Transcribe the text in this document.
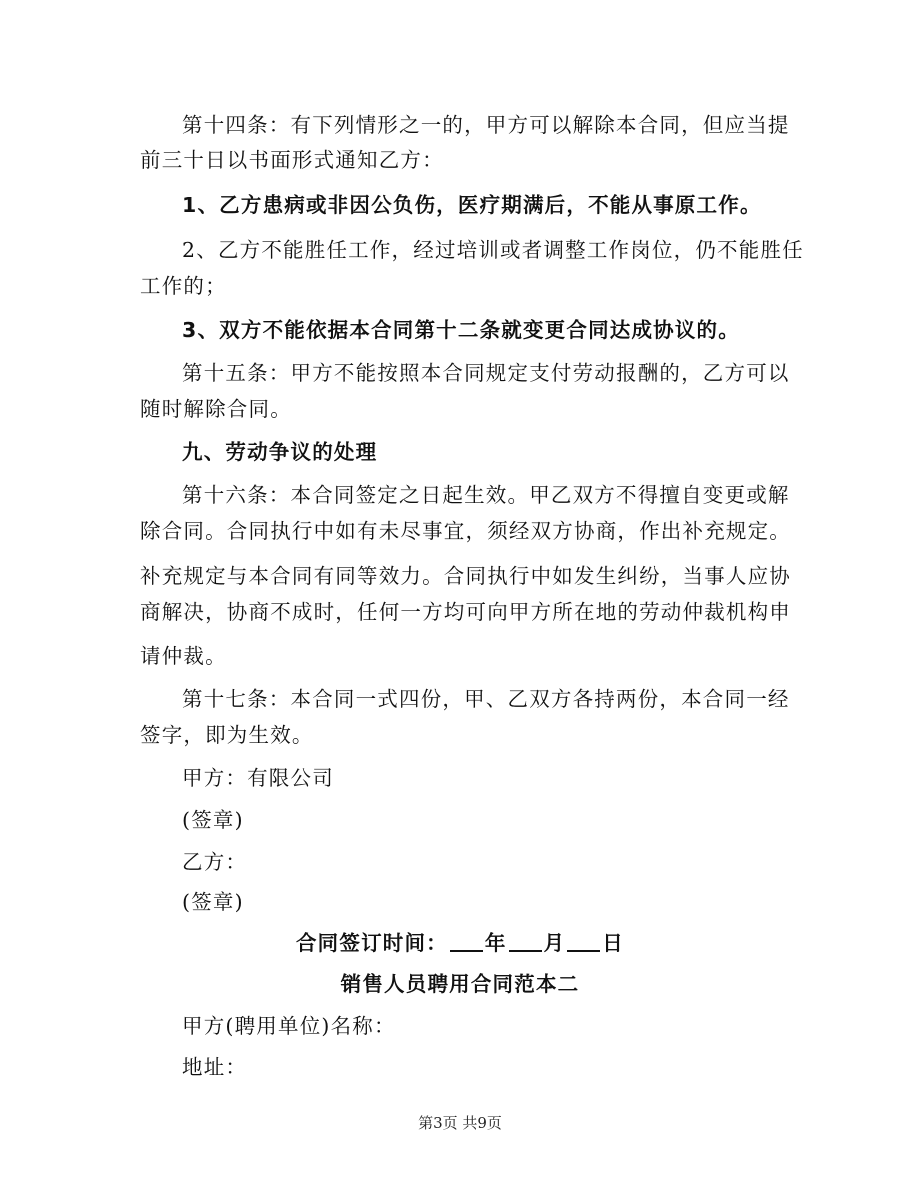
第十四条：有下列情形之一的，甲方可以解除本合同，但应当提

前三十日以书面形式通知乙方：

1、乙方患病或非因公负伤，医疗期满后，不能从事原工作。

2、乙方不能胜任工作，经过培训或者调整工作岗位，仍不能胜任

工作的；

3、双方不能依据本合同第十二条就变更合同达成协议的。

第十五条：甲方不能按照本合同规定支付劳动报酬的，乙方可以

随时解除合同。

九、劳动争议的处理

第十六条：本合同签定之日起生效。甲乙双方不得擅自变更或解

除合同。合同执行中如有未尽事宜，须经双方协商，作出补充规定。

补充规定与本合同有同等效力。合同执行中如发生纠纷，当事人应协

商解决，协商不成时，任何一方均可向甲方所在地的劳动仲裁机构申

请仲裁。

第十七条：本合同一式四份，甲、乙双方各持两份，本合同一经

签字，即为生效。

甲方：有限公司

(签章)

乙方：

(签章)

合同签订时间： 年 月 日

销售人员聘用合同范本二

甲方(聘用单位)名称：

地址：

第3页 共9页
